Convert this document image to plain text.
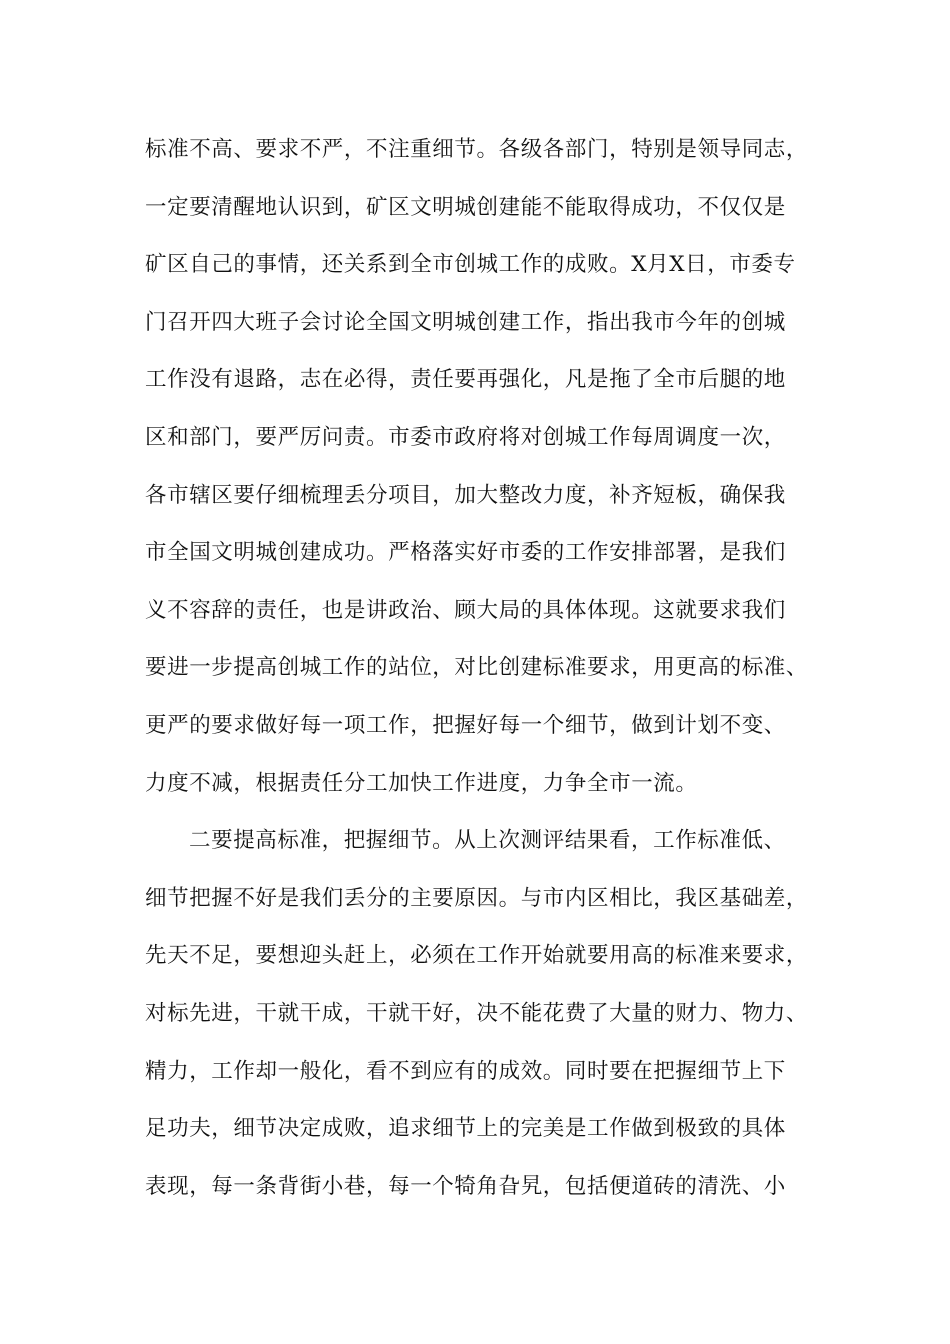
标准不高、要求不严，不注重细节。各级各部门，特别是领导同志，
一定要清醒地认识到，矿区文明城创建能不能取得成功，不仅仅是
矿区自己的事情，还关系到全市创城工作的成败。X月X日，市委专
门召开四大班子会讨论全国文明城创建工作，指出我市今年的创城
工作没有退路，志在必得，责任要再强化，凡是拖了全市后腿的地
区和部门，要严厉问责。市委市政府将对创城工作每周调度一次，
各市辖区要仔细梳理丢分项目，加大整改力度，补齐短板，确保我
市全国文明城创建成功。严格落实好市委的工作安排部署，是我们
义不容辞的责任，也是讲政治、顾大局的具体体现。这就要求我们
要进一步提高创城工作的站位，对比创建标准要求，用更高的标准、
更严的要求做好每一项工作，把握好每一个细节，做到计划不变、
力度不减，根据责任分工加快工作进度，力争全市一流。
二要提高标准，把握细节。从上次测评结果看，工作标准低、
细节把握不好是我们丢分的主要原因。与市内区相比，我区基础差，
先天不足，要想迎头赶上，必须在工作开始就要用高的标准来要求，
对标先进，干就干成，干就干好，决不能花费了大量的财力、物力、
精力，工作却一般化，看不到应有的成效。同时要在把握细节上下
足功夫，细节决定成败，追求细节上的完美是工作做到极致的具体
表现，每一条背街小巷，每一个犄角旮旯，包括便道砖的清洗、小
